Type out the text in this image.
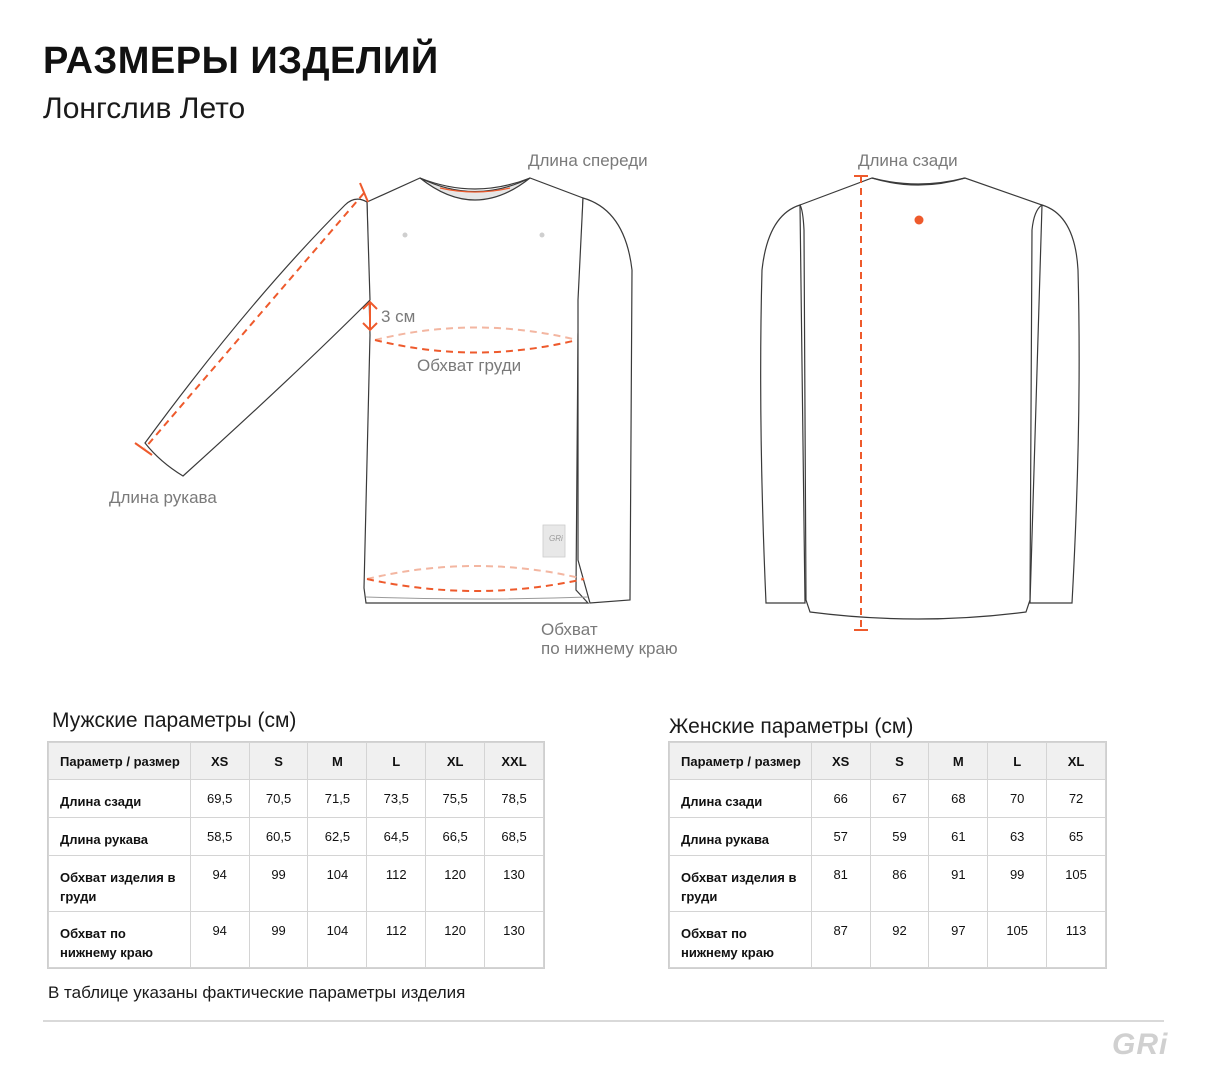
РАЗМЕРЫ ИЗДЕЛИЙ
Лонгслив Лето
GRi
Длина спереди	Длина сзади
3 см
Обхват груди
Длина рукава
Обхват
по нижнему краю
Мужские параметры (см)
Параметр / размер	XS	S	M	L	XL	XXL
Длина сзади	69,5	70,5	71,5	73,5	75,5	78,5
Длина рукава	58,5	60,5	62,5	64,5	66,5	68,5
Обхват изделия в груди	94	99	104	112	120	130
Обхват по нижнему краю	94	99	104	112	120	130
Женские параметры (см)
Параметр / размер	XS	S	M	L	XL
Длина сзади	66	67	68	70	72
Длина рукава	57	59	61	63	65
Обхват изделия в груди	81	86	91	99	105
Обхват по нижнему краю	87	92	97	105	113
В таблице указаны фактические параметры изделия
GRi
